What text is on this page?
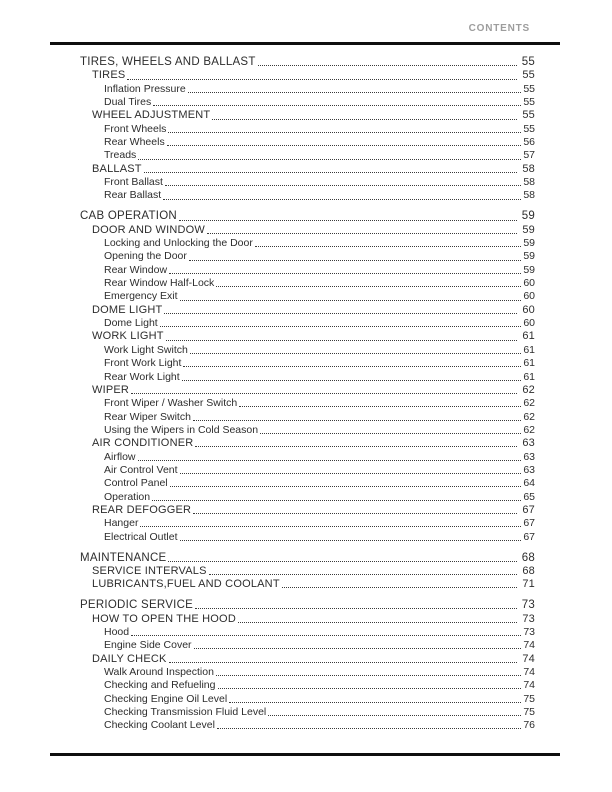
CONTENTS
TIRES, WHEELS AND BALLAST	55
TIRES	55
Inflation Pressure	55
Dual Tires	55
WHEEL ADJUSTMENT	55
Front Wheels	55
Rear Wheels	56
Treads	57
BALLAST	58
Front Ballast	58
Rear Ballast	58
CAB OPERATION	59
DOOR AND WINDOW	59
Locking and Unlocking the Door	59
Opening the Door	59
Rear Window	59
Rear Window Half-Lock	60
Emergency Exit	60
DOME LIGHT	60
Dome Light	60
WORK LIGHT	61
Work Light Switch	61
Front Work Light	61
Rear Work Light	61
WIPER	62
Front Wiper / Washer Switch	62
Rear Wiper Switch	62
Using the Wipers in Cold Season	62
AIR CONDITIONER	63
Airflow	63
Air Control Vent	63
Control Panel	64
Operation	65
REAR DEFOGGER	67
Hanger	67
Electrical Outlet	67
MAINTENANCE	68
SERVICE INTERVALS	68
LUBRICANTS,FUEL AND COOLANT	71
PERIODIC SERVICE	73
HOW TO OPEN THE HOOD	73
Hood	73
Engine Side Cover	74
DAILY CHECK	74
Walk Around Inspection	74
Checking and Refueling	74
Checking Engine Oil Level	75
Checking Transmission Fluid Level	75
Checking Coolant Level	76
